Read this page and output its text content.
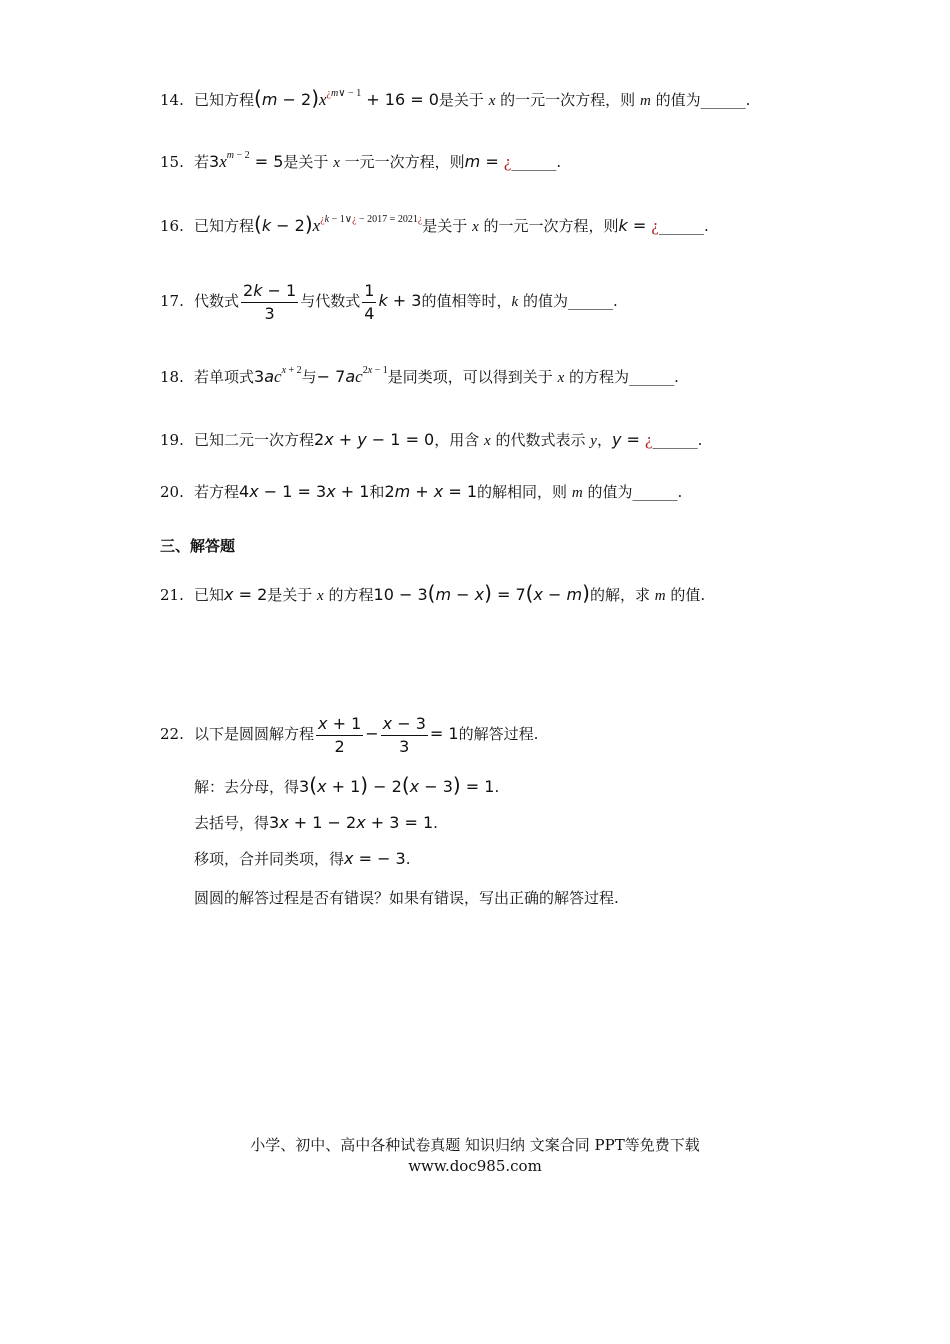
14. 已知方程$(m - 2)x^{¿m\vee - 1} + 16 = 0$是关于 x 的一元一次方程，则 m 的值为______.
15. 若$3x^{m - 2} = 5$是关于 x 一元一次方程，则m = ¿______.
16. 已知方程$(k - 2)x^{¿k - 1\vee¿ - 2017 = 2021¿}$是关于 x 的一元一次方程，则k = ¿______.
17. 代数式 $\frac{2k - 1}{3}$ 与代数式 $\frac{1}{4}$ k + 3的值相等时，k 的值为______.
18. 若单项式$3ac^{x + 2}$与− $7ac^{2x - 1}$是同类项，可以得到关于 x 的方程为______.
19. 已知二元一次方程2x + y − 1 = 0，用含 x 的代数式表示 y，y = ¿______.
20. 若方程4x − 1 = 3x + 1和2m + x = 1的解相同，则 m 的值为______.
三、解答题
21. 已知x = 2是关于 x 的方程10 − 3(m − x) = 7(x − m)的解，求 m 的值.
22. 以下是圆圆解方程 $\frac{x + 1}{2} - \frac{x - 3}{3} = 1$的解答过程.
解：去分母，得3(x + 1) − 2(x − 3) = 1.
去括号，得3x + 1 − 2x + 3 = 1.
移项，合并同类项，得x = − 3.
圆圆的解答过程是否有错误？如果有错误，写出正确的解答过程.
小学、初中、高中各种试卷真题 知识归纳 文案合同 PPT等免费下载
www.doc985.com
